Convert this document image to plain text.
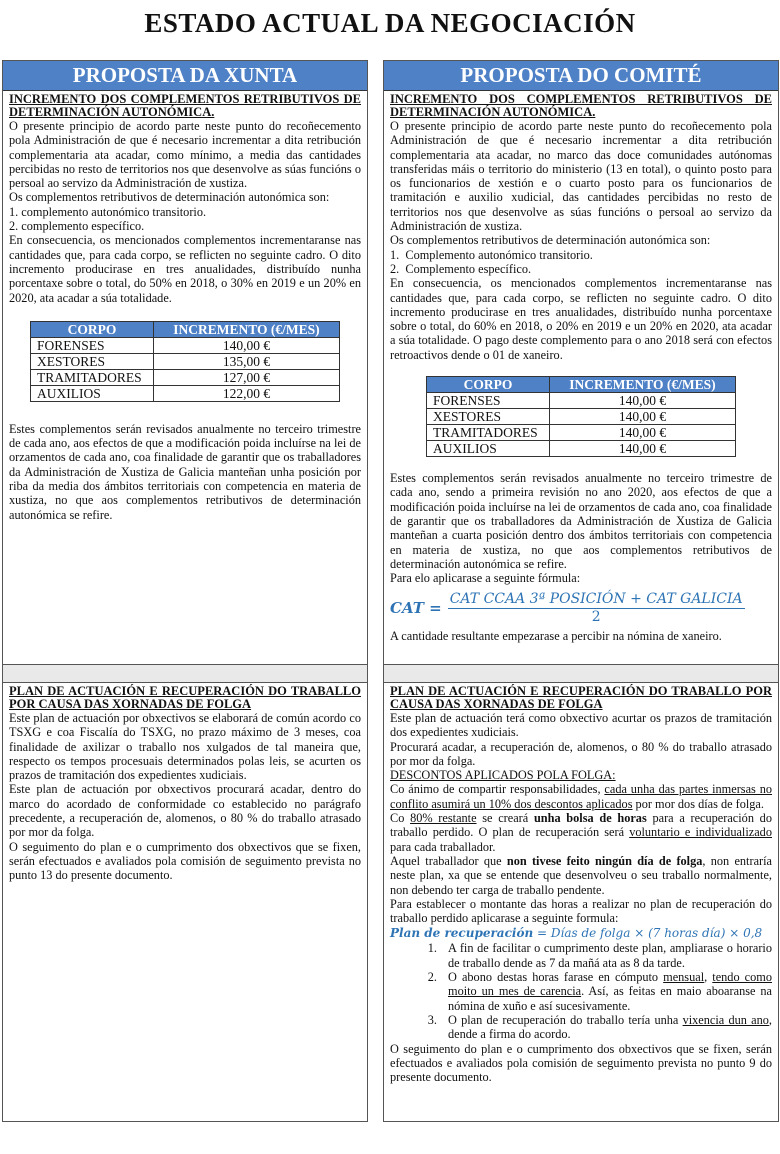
ESTADO ACTUAL DA NEGOCIACIÓN
PROPOSTA DA XUNTA
INCREMENTO DOS COMPLEMENTOS RETRIBUTIVOS DE DETERMINACIÓN AUTONÓMICA.

O presente principio de acordo parte neste punto do recoñecemento pola Administración de que é necesario incrementar a dita retribución complementaria ata acadar, como mínimo, a media das cantidades percibidas no resto de territorios nos que desenvolve as súas funcións o persoal ao servizo da Administración de xustiza.

Os complementos retributivos de determinación autonómica son:

1. complemento autonómico transitorio.

2. complemento específico.

En consecuencia, os mencionados complementos incrementaranse nas cantidades que, para cada corpo, se reflicten no seguinte cadro. O dito incremento producirase en tres anualidades, distribuído nunha porcentaxe sobre o total, do 50% en 2018, o 30% en 2019 e un 20% en 2020, ata acadar a súa totalidade.

CORPO	INCREMENTO (€/MES)
FORENSES	140,00 €
XESTORES	135,00 €
TRAMITADORES	127,00 €
AUXILIOS	122,00 €

Estes complementos serán revisados anualmente no terceiro trimestre de cada ano, aos efectos de que a modificación poida incluírse na lei de orzamentos de cada ano, coa finalidade de garantir que os traballadores da Administración de Xustiza de Galicia manteñan unha posición por riba da media dos ámbitos territoriais con competencia en materia de xustiza, no que aos complementos retributivos de determinación autonómica se refire.

PLAN DE ACTUACIÓN E RECUPERACIÓN DO TRABALLO POR CAUSA DAS XORNADAS DE FOLGA

Este plan de actuación por obxectivos se elaborará de común acordo co TSXG e coa Fiscalía do TSXG, no prazo máximo de 3 meses, coa finalidade de axilizar o traballo nos xulgados de tal maneira que, respecto os tempos procesuais determinados polas leis, se acurten os prazos de tramitación dos expedientes xudiciais.

Este plan de actuación por obxectivos procurará acadar, dentro do marco do acordado de conformidade co establecido no parágrafo precedente, a recuperación de, alomenos, o 80 % do traballo atrasado por mor da folga.

O seguimento do plan e o cumprimento dos obxectivos que se fixen, serán efectuados e avaliados pola comisión de seguimento prevista no punto 13 do presente documento.

PROPOSTA DO COMITÉ
INCREMENTO DOS COMPLEMENTOS RETRIBUTIVOS DE DETERMINACIÓN AUTONÓMICA.

O presente principio de acordo parte neste punto do recoñecemento pola Administración de que é necesario incrementar a dita retribución complementaria ata acadar, no marco das doce comunidades autónomas transferidas máis o territorio do ministerio (13 en total), o quinto posto para os funcionarios de xestión e o cuarto posto para os funcionarios de tramitación e auxilio xudicial, das cantidades percibidas no resto de territorios nos que desenvolve as súas funcións o persoal ao servizo da Administración de xustiza.

Os complementos retributivos de determinación autonómica son:

1.  Complemento autonómico transitorio.

2.  Complemento específico.

En consecuencia, os mencionados complementos incrementaranse nas cantidades que, para cada corpo, se reflicten no seguinte cadro. O dito incremento producirase en tres anualidades, distribuído nunha porcentaxe sobre o total, do 60% en 2018, o 20% en 2019 e un 20% en 2020, ata acadar a súa totalidade. O pago deste complemento para o ano 2018 será con efectos retroactivos dende o 01 de xaneiro.

CORPO	INCREMENTO (€/MES)
FORENSES	140,00 €
XESTORES	140,00 €
TRAMITADORES	140,00 €
AUXILIOS	140,00 €

Estes complementos serán revisados anualmente no terceiro trimestre de cada ano, sendo a primeira revisión no ano 2020, aos efectos de que a modificación poida incluírse na lei de orzamentos de cada ano, coa finalidade de garantir que os traballadores da Administración de Xustiza de Galicia manteñan a cuarta posición dentro dos ámbitos territoriais con competencia en materia de xustiza, no que aos complementos retributivos de determinación autonómica se refire.

Para elo aplicarase a seguinte fórmula:

CAT = $\frac{\text{CAT CCAA 3ª POSICIÓN + CAT GALICIA}}{2}$

A cantidade resultante empezarase a percibir na nómina de xaneiro.

PLAN DE ACTUACIÓN E RECUPERACIÓN DO TRABALLO POR CAUSA DAS XORNADAS DE FOLGA

Este plan de actuación terá como obxectivo acurtar os prazos de tramitación dos expedientes xudiciais.

Procurará acadar, a recuperación de, alomenos, o 80 % do traballo atrasado por mor da folga.

DESCONTOS APLICADOS POLA FOLGA:

Co ánimo de compartir responsabilidades, cada unha das partes inmersas no conflito asumirá un 10% dos descontos aplicados por mor dos días de folga.

Co 80% restante se creará unha bolsa de horas para a recuperación do traballo perdido. O plan de recuperación será voluntario e individualizado para cada traballador.

Aquel traballador que non tivese feito ningún día de folga, non entraría neste plan, xa que se entende que desenvolveu o seu traballo normalmente, non debendo ter carga de traballo pendente.

Para establecer o montante das horas a realizar no plan de recuperación do traballo perdido aplicarase a seguinte formula:

Plan de recuperación = Días de folga × (7 horas día) × 0,8
1. A fin de facilitar o cumprimento deste plan, ampliarase o horario de traballo dende as 7 da mañá ata as 8 da tarde.
2. O abono destas horas farase en cómputo mensual, tendo como moito un mes de carencia. Así, as feitas en maio aboaranse na nómina de xuño e así sucesivamente.
3. O plan de recuperación do traballo tería unha vixencia dun ano, dende a firma do acordo.

O seguimento do plan e o cumprimento dos obxectivos que se fixen, serán efectuados e avaliados pola comisión de seguimento prevista no punto 9 do presente documento.
